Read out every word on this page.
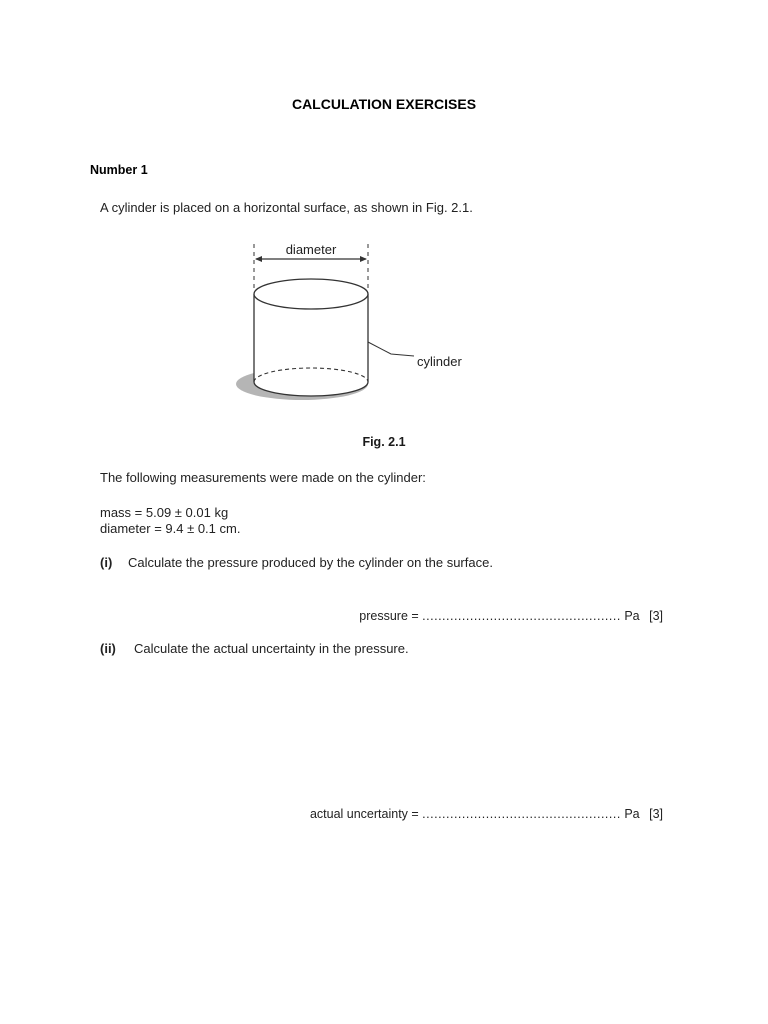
CALCULATION EXERCISES
Number 1
A cylinder is placed on a horizontal surface, as shown in Fig. 2.1.
diameter
cylinder
Fig. 2.1
The following measurements were made on the cylinder:
mass = 5.09 ± 0.01 kg
diameter = 9.4 ± 0.1 cm.
(i) Calculate the pressure produced by the cylinder on the surface.
pressure = .................................................. Pa [3]
(ii) Calculate the actual uncertainty in the pressure.
actual uncertainty = .................................................. Pa [3]
